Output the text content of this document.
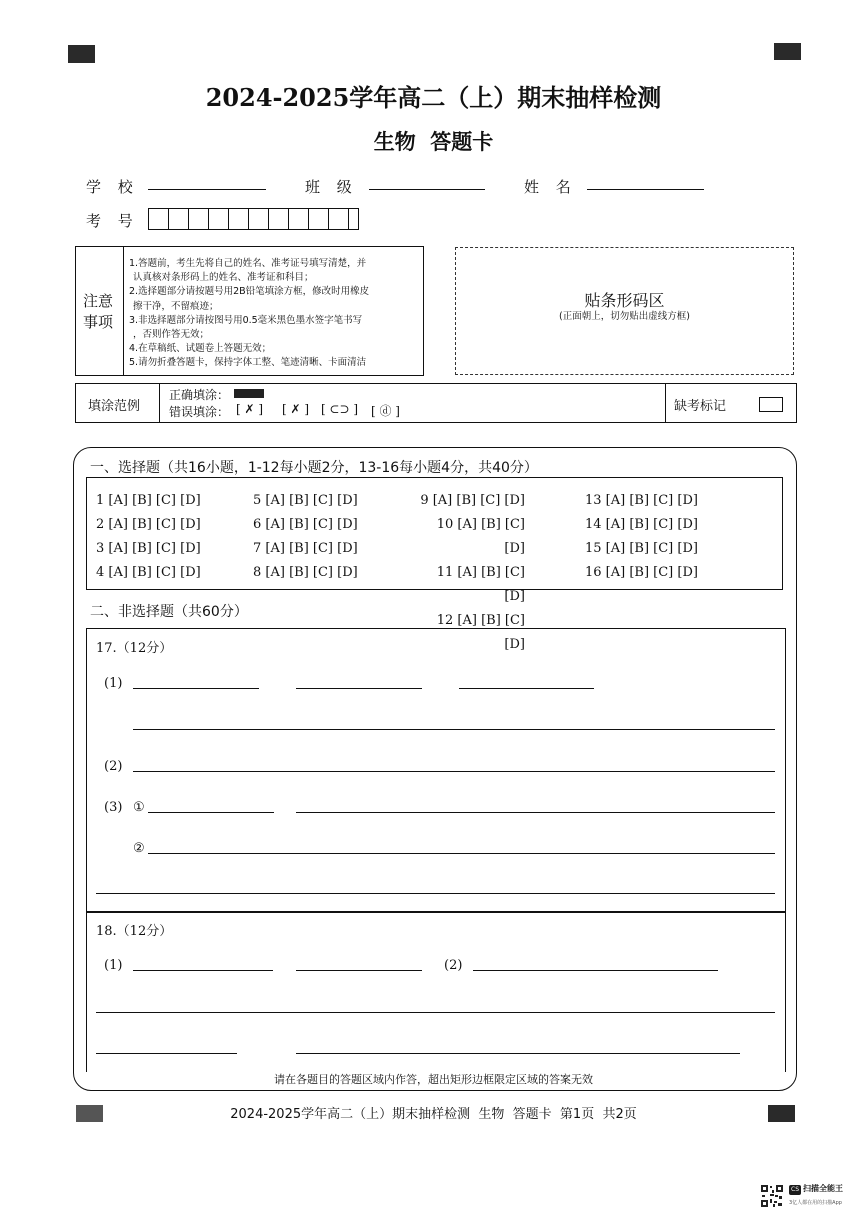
2024-2025学年高二（上）期末抽样检测
生物  答题卡
学 校	班 级	姓 名
考 号
注意
事项
1.答题前，考生先将自己的姓名、准考证号填写清楚，并
认真核对条形码上的姓名、准考证和科目；
2.选择题部分请按题号用2B铅笔填涂方框，修改时用橡皮
擦干净，不留痕迹；
3.非选择题部分请按图号用0.5毫米黑色墨水签字笔书写
，否则作答无效；
4.在草稿纸、试题卷上答题无效；
5.请勿折叠答题卡，保持字体工整、笔迹清晰、卡面清洁
贴条形码区
(正面朝上，切勿贴出虚线方框)
填涂范例
正确填涂：
错误填涂： [ ✗ ] [ ✗ ] [ ⊂⊃ ] [ ⓓ ]	缺考标记
一、选择题（共16小题，1-12每小题2分，13-16每小题4分，共40分）
1 [A] [B] [C] [D]
2 [A] [B] [C] [D]
3 [A] [B] [C] [D]
4 [A] [B] [C] [D]
5 [A] [B] [C] [D]
6 [A] [B] [C] [D]
7 [A] [B] [C] [D]
8 [A] [B] [C] [D]
9 [A] [B] [C] [D]
10 [A] [B] [C] [D]
11 [A] [B] [C] [D]
12 [A] [B] [C] [D]
13 [A] [B] [C] [D]
14 [A] [B] [C] [D]
15 [A] [B] [C] [D]
16 [A] [B] [C] [D]
二、非选择题（共60分）
17.（12分）
(1)
(2)
(3) ①
②
18.（12分）
(1)	(2)
请在各题目的答题区域内作答，超出矩形边框限定区域的答案无效
2024-2025学年高二（上）期末抽样检测  生物  答题卡  第1页  共2页
CS 扫描全能王
3亿人都在用的扫描App
